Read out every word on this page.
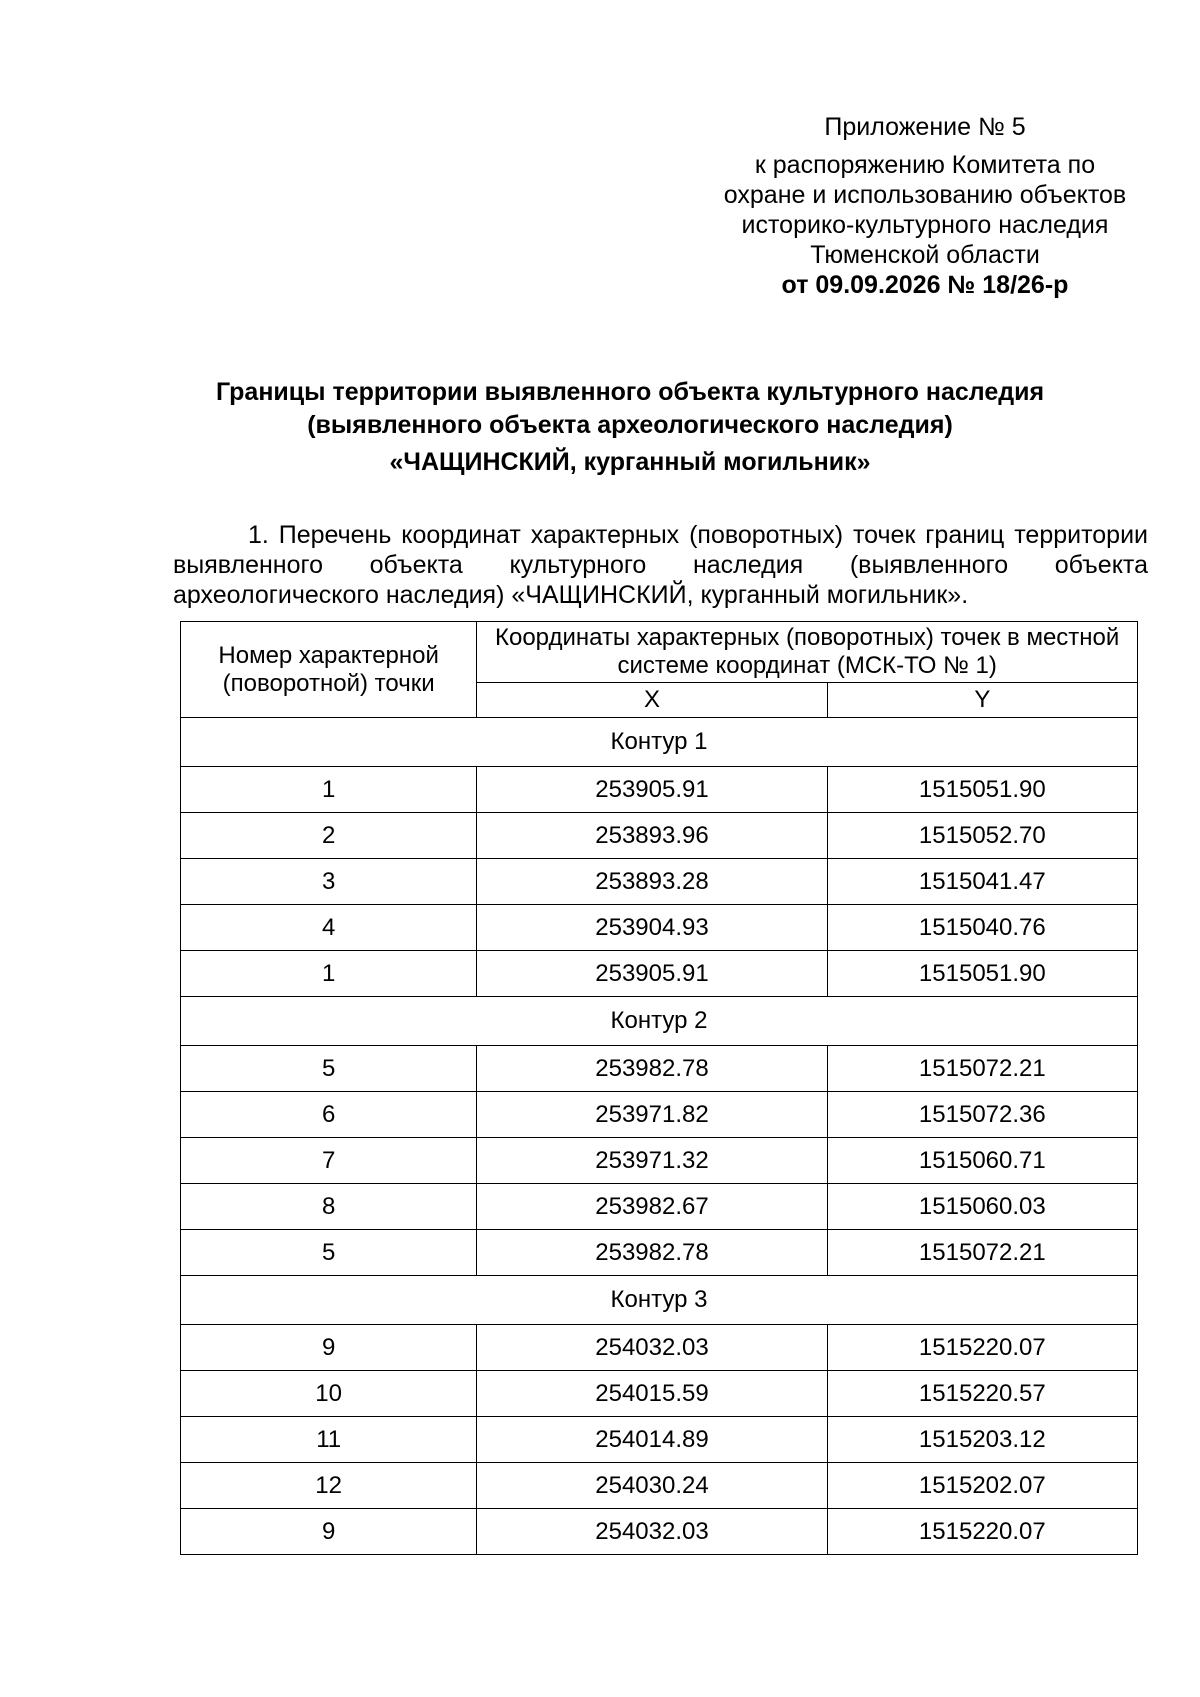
Приложение № 5
к распоряжению Комитета по
охране и использованию объектов
историко-культурного наследия
Тюменской области
от 09.09.2026 № 18/26-р
Границы территории выявленного объекта культурного наследия
(выявленного объекта археологического наследия)
«ЧАЩИНСКИЙ, курганный могильник»
1. Перечень координат характерных (поворотных) точек границ территории выявленного объекта культурного наследия (выявленного объекта археологического наследия) «ЧАЩИНСКИЙ, курганный могильник».
Номер характерной (поворотной) точки	Координаты характерных (поворотных) точек в местной системе координат (МСК-ТО № 1)	
	X	Y
Контур 1		
1	253905.91	1515051.90
2	253893.96	1515052.70
3	253893.28	1515041.47
4	253904.93	1515040.76
1	253905.91	1515051.90
Контур 2		
5	253982.78	1515072.21
6	253971.82	1515072.36
7	253971.32	1515060.71
8	253982.67	1515060.03
5	253982.78	1515072.21
Контур 3		
9	254032.03	1515220.07
10	254015.59	1515220.57
11	254014.89	1515203.12
12	254030.24	1515202.07
9	254032.03	1515220.07
